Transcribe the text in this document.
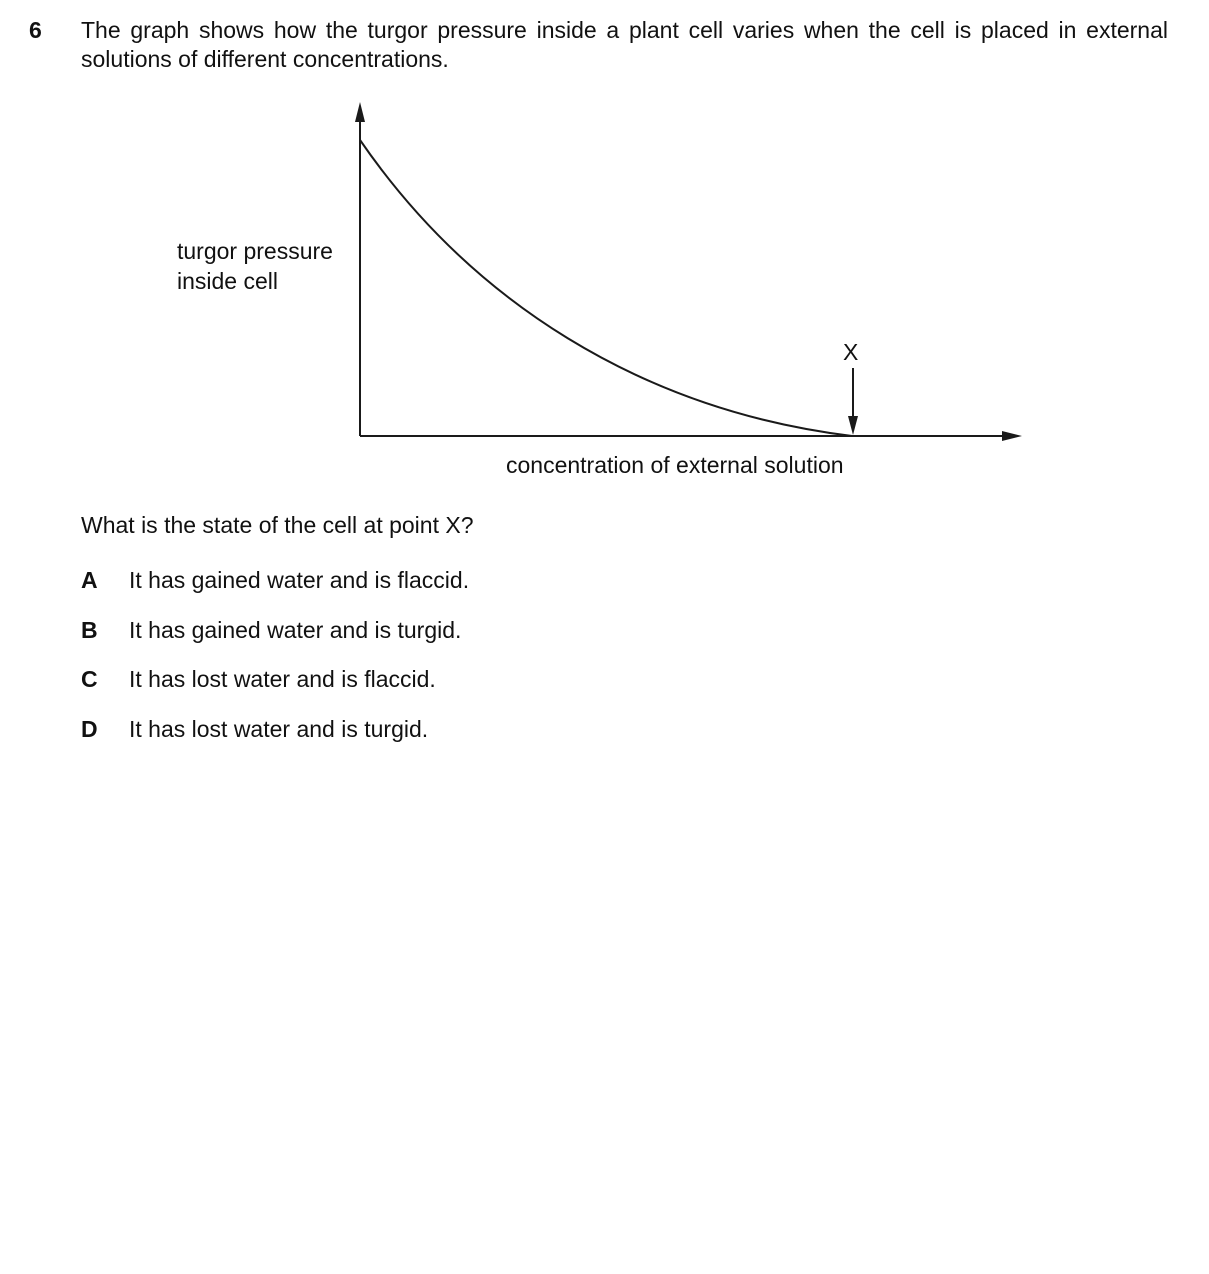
6 The graph shows how the turgor pressure inside a plant cell varies when the cell is placed in external solutions of different concentrations.
turgor pressure
inside cell
X
concentration of external solution
What is the state of the cell at point X?
A It has gained water and is flaccid.
B It has gained water and is turgid.
C It has lost water and is flaccid.
D It has lost water and is turgid.
